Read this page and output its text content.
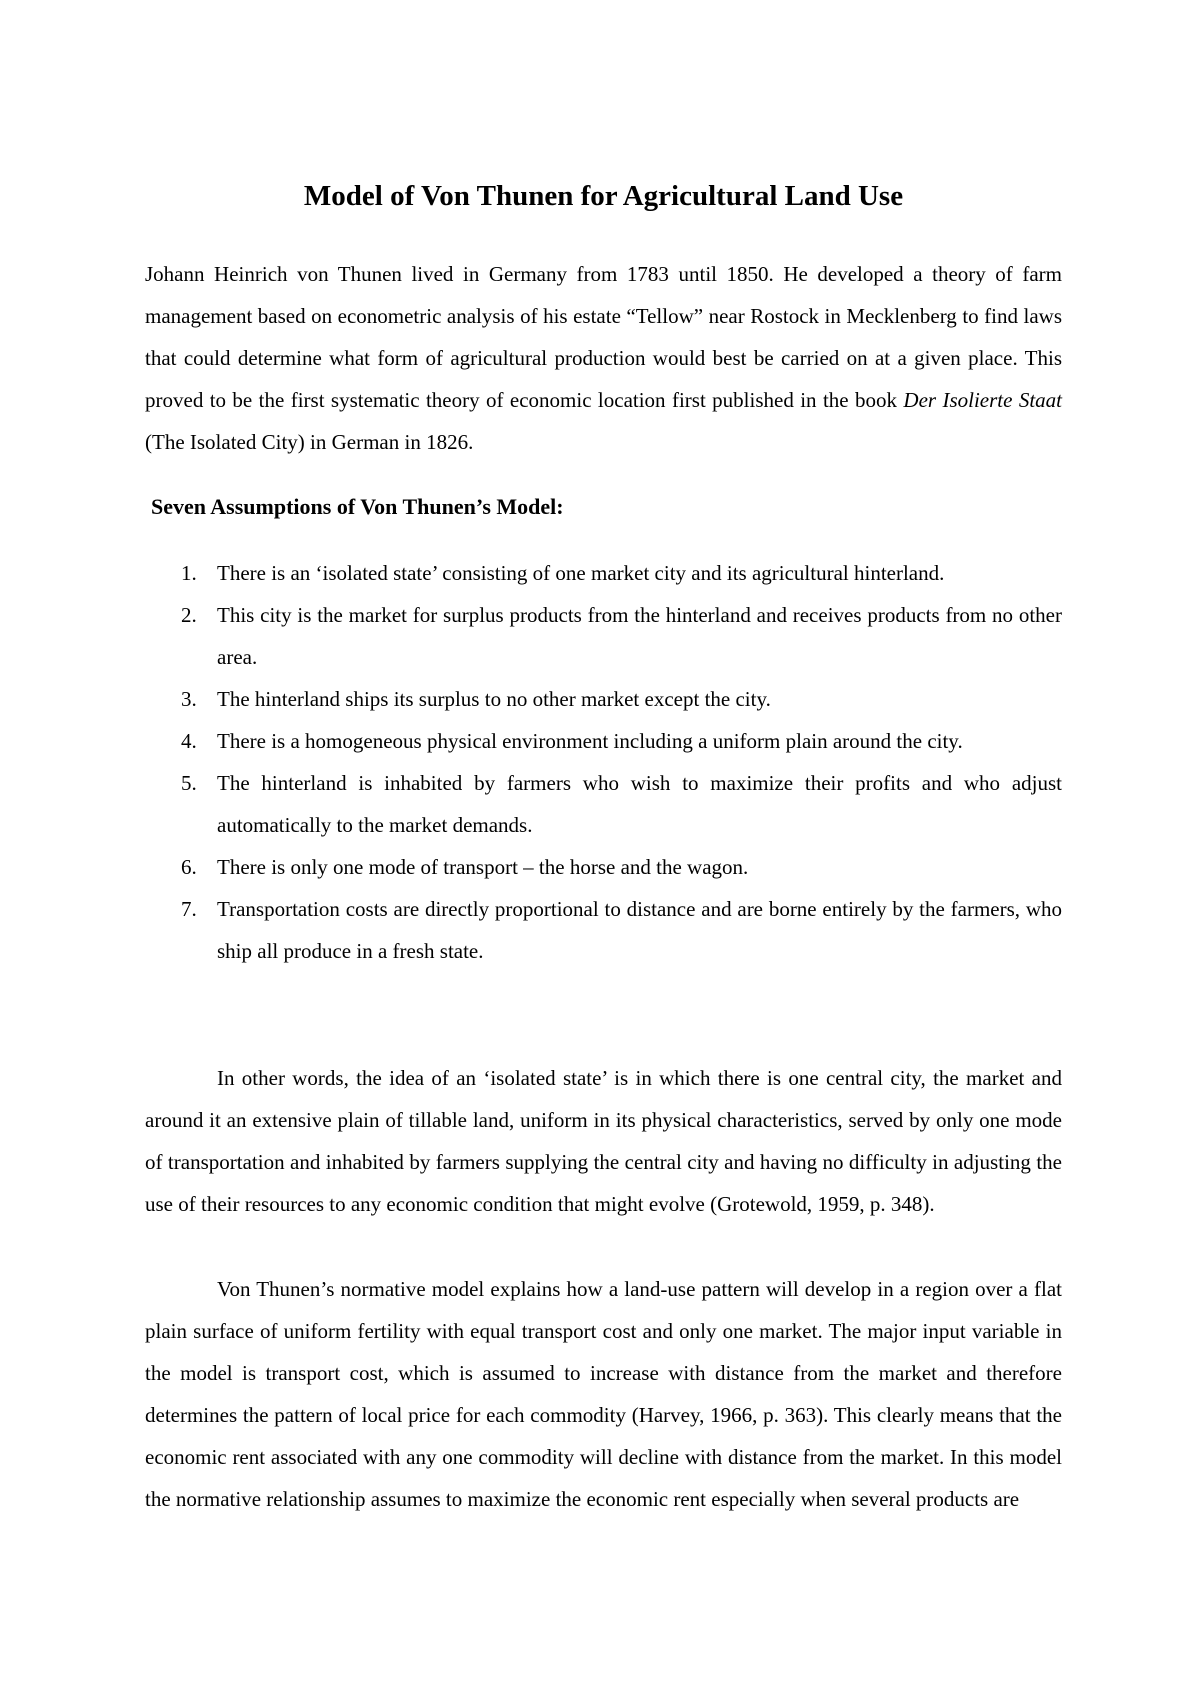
Model of Von Thunen for Agricultural Land Use

Johann Heinrich von Thunen lived in Germany from 1783 until 1850. He developed a theory of farm management based on econometric analysis of his estate “Tellow” near Rostock in Mecklenberg to find laws that could determine what form of agricultural production would best be carried on at a given place. This proved to be the first systematic theory of economic location first published in the book Der Isolierte Staat (The Isolated City) in German in 1826.

Seven Assumptions of Von Thunen’s Model:
1. There is an ‘isolated state’ consisting of one market city and its agricultural hinterland.
2. This city is the market for surplus products from the hinterland and receives products from no other area.
3. The hinterland ships its surplus to no other market except the city.
4. There is a homogeneous physical environment including a uniform plain around the city.
5. The hinterland is inhabited by farmers who wish to maximize their profits and who adjust automatically to the market demands.
6. There is only one mode of transport – the horse and the wagon.
7. Transportation costs are directly proportional to distance and are borne entirely by the farmers, who ship all produce in a fresh state.

In other words, the idea of an ‘isolated state’ is in which there is one central city, the market and around it an extensive plain of tillable land, uniform in its physical characteristics, served by only one mode of transportation and inhabited by farmers supplying the central city and having no difficulty in adjusting the use of their resources to any economic condition that might evolve (Grotewold, 1959, p. 348).

Von Thunen’s normative model explains how a land-use pattern will develop in a region over a flat plain surface of uniform fertility with equal transport cost and only one market. The major input variable in the model is transport cost, which is assumed to increase with distance from the market and therefore determines the pattern of local price for each commodity (Harvey, 1966, p. 363). This clearly means that the economic rent associated with any one commodity will decline with distance from the market. In this model the normative relationship assumes to maximize the economic rent especially when several products are
